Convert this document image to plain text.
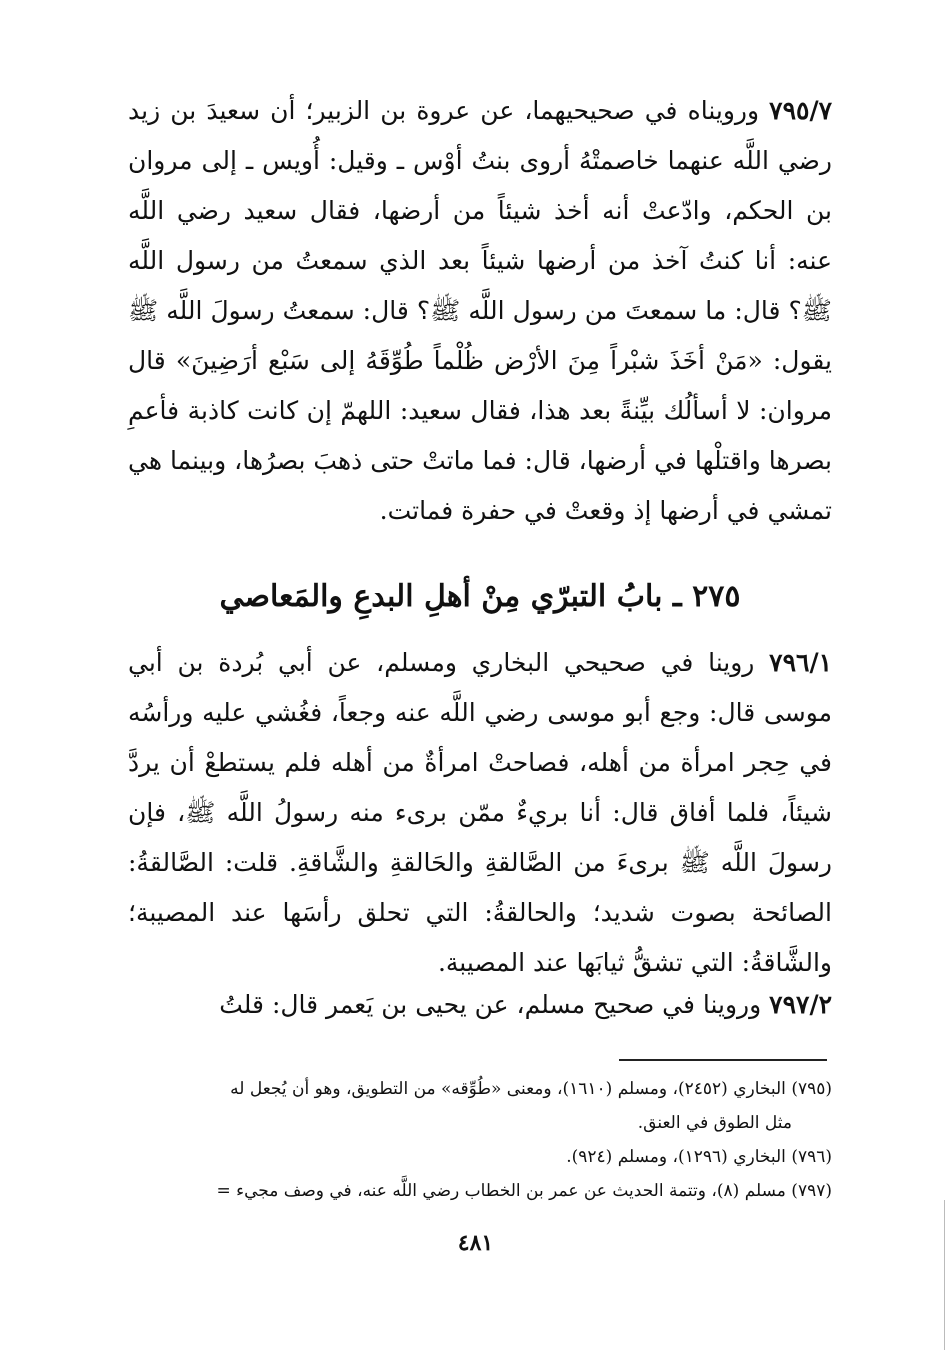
٧٩٥/٧ ورويناه في صحيحيهما، عن عروة بن الزبير؛ أن سعيدَ بن زيد رضي اللَّه عنهما خاصمتْهُ أروى بنتُ أوْس ـ وقيل: أُويس ـ إلى مروان بن الحكم، وادّعتْ أنه أخذ شيئاً من أرضها، فقال سعيد رضي اللَّه عنه: أنا كنتُ آخذ من أرضها شيئاً بعد الذي سمعتُ من رسول اللَّه ﷺ؟ قال: ما سمعتَ من رسول اللَّه ﷺ؟ قال: سمعتُ رسولَ اللَّه ﷺ يقول: «مَنْ أخَذَ شبْراً مِنَ الأرْض ظُلْماً طُوِّقَهُ إلى سَبْع أرَضِينَ» قال مروان: لا أسألُك بيِّنةً بعد هذا، فقال سعيد: اللهمّ إن كانت كاذبة فأعمِ بصرها واقتلْها في أرضها، قال: فما ماتتْ حتى ذهبَ بصرُها، وبينما هي تمشي في أرضها إذ وقعتْ في حفرة فماتت.

٢٧٥ ـ بابُ التبرّي مِنْ أهلِ البدعِ والمَعاصي

٧٩٦/١ روينا في صحيحي البخاري ومسلم، عن أبي بُردة بن أبي موسى قال: وجع أبو موسى رضي اللَّه عنه وجعاً، فغُشي عليه ورأسُه في حِجر امرأة من أهله، فصاحتْ امرأةٌ من أهله فلم يستطعْ أن يردَّ شيئاً، فلما أفاق قال: أنا بريءٌ ممّن برىء منه رسولُ اللَّه ﷺ، فإن رسولَ اللَّه ﷺ برىءَ من الصَّالقةِ والحَالقةِ والشَّاقةِ. قلت: الصَّالقةُ: الصائحة بصوت شديد؛ والحالقةُ: التي تحلق رأسَها عند المصيبة؛ والشَّاقةُ: التي تشقُّ ثيابَها عند المصيبة.

٧٩٧/٢ وروينا في صحيح مسلم، عن يحيى بن يَعمر قال: قلتُ

(٧٩٥) البخاري (٢٤٥٢)، ومسلم (١٦١٠)، ومعنى «طُوِّقه» من التطويق، وهو أن يُجعل له

مثل الطوق في العنق.

(٧٩٦) البخاري (١٢٩٦)، ومسلم (٩٢٤).

(٧٩٧) مسلم (٨)، وتتمة الحديث عن عمر بن الخطاب رضي اللَّه عنه، في وصف مجيء =

٤٨١
